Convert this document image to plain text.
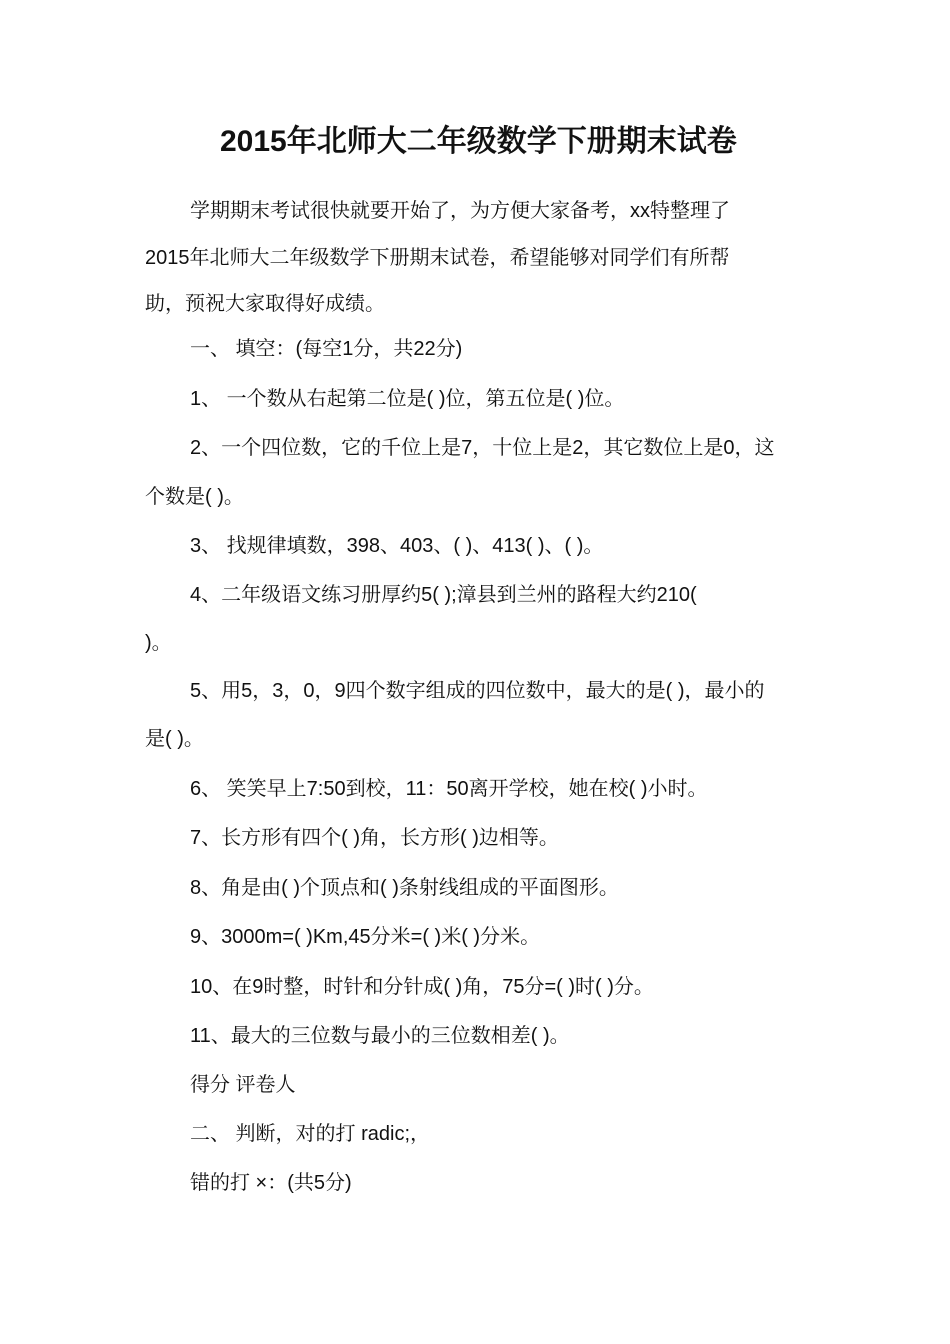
2015年北师大二年级数学下册期末试卷
学期期末考试很快就要开始了，为方便大家备考，xx特整理了
2015年北师大二年级数学下册期末试卷，希望能够对同学们有所帮
助，预祝大家取得好成绩。
一、 填空：(每空1分，共22分)
1、 一个数从右起第二位是( )位，第五位是( )位。
2、一个四位数，它的千位上是7，十位上是2，其它数位上是0，这
个数是( )。
3、 找规律填数，398、403、( )、413( )、( )。
4、二年级语文练习册厚约5( );漳县到兰州的路程大约210(
)。
5、用5，3，0，9四个数字组成的四位数中，最大的是( )，最小的
是( )。
6、 笑笑早上7:50到校，11：50离开学校，她在校( )小时。
7、长方形有四个( )角，长方形( )边相等。
8、角是由( )个顶点和( )条射线组成的平面图形。
9、3000m=( )Km,45分米=( )米( )分米。
10、在9时整，时针和分针成( )角，75分=( )时( )分。
11、最大的三位数与最小的三位数相差( )。
得分 评卷人
二、 判断，对的打 radic;，
错的打 ×：(共5分)
